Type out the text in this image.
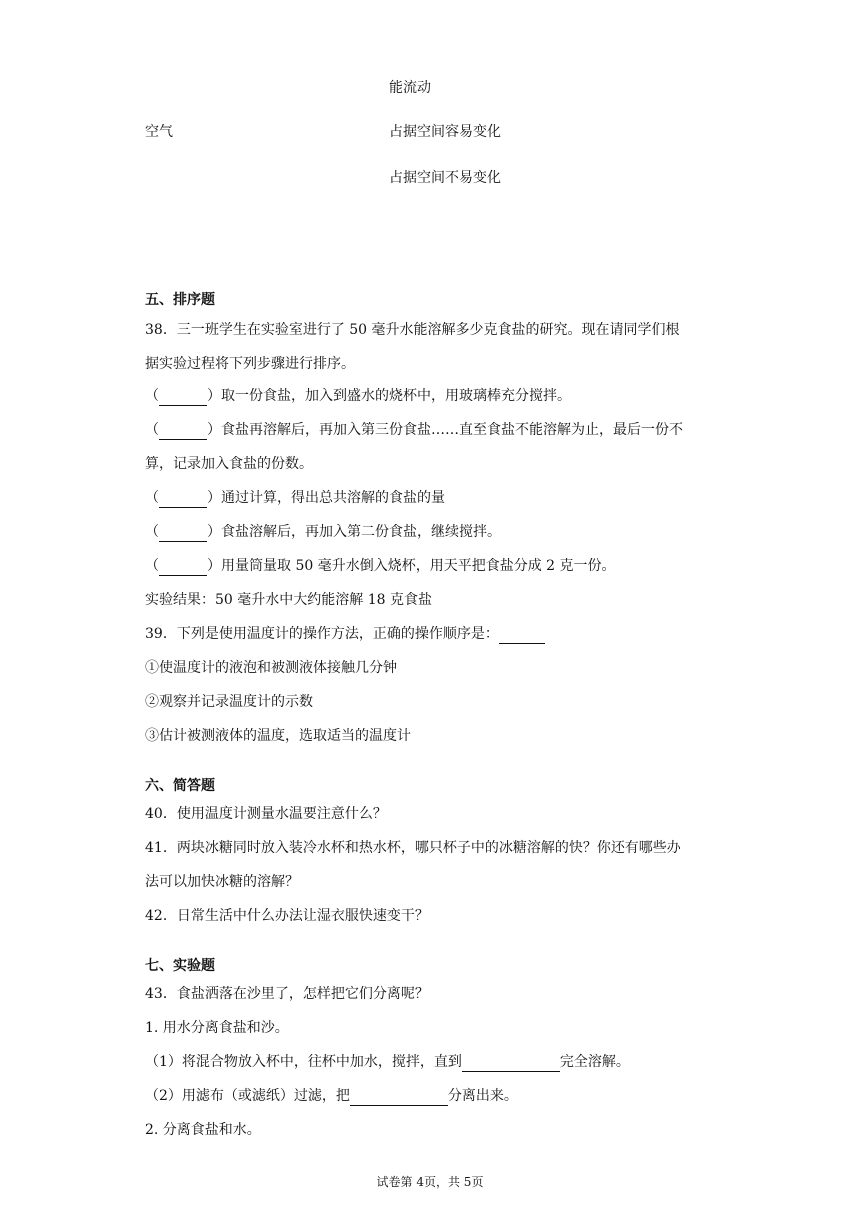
能流动
空气	占据空间容易变化
占据空间不易变化
五、排序题
38．三一班学生在实验室进行了 50 毫升水能溶解多少克食盐的研究。现在请同学们根
据实验过程将下列步骤进行排序。
（	）取一份食盐，加入到盛水的烧杯中，用玻璃棒充分搅拌。
（	）食盐再溶解后，再加入第三份食盐……直至食盐不能溶解为止，最后一份不
算，记录加入食盐的份数。
（	）通过计算，得出总共溶解的食盐的量
（	）食盐溶解后，再加入第二份食盐，继续搅拌。
（	）用量筒量取 50 毫升水倒入烧杯，用天平把食盐分成 2 克一份。
实验结果：50 毫升水中大约能溶解 18 克食盐
39．下列是使用温度计的操作方法，正确的操作顺序是：
①使温度计的液泡和被测液体接触几分钟
②观察并记录温度计的示数
③估计被测液体的温度，选取适当的温度计
六、简答题
40．使用温度计测量水温要注意什么？
41．两块冰糖同时放入装冷水杯和热水杯，哪只杯子中的冰糖溶解的快？你还有哪些办
法可以加快冰糖的溶解？
42．日常生活中什么办法让湿衣服快速变干？
七、实验题
43．食盐洒落在沙里了，怎样把它们分离呢？
1. 用水分离食盐和沙。
（1）将混合物放入杯中，往杯中加水，搅拌，直到	完全溶解。
（2）用滤布（或滤纸）过滤，把	分离出来。
2. 分离食盐和水。
试卷第 4页，共 5页
